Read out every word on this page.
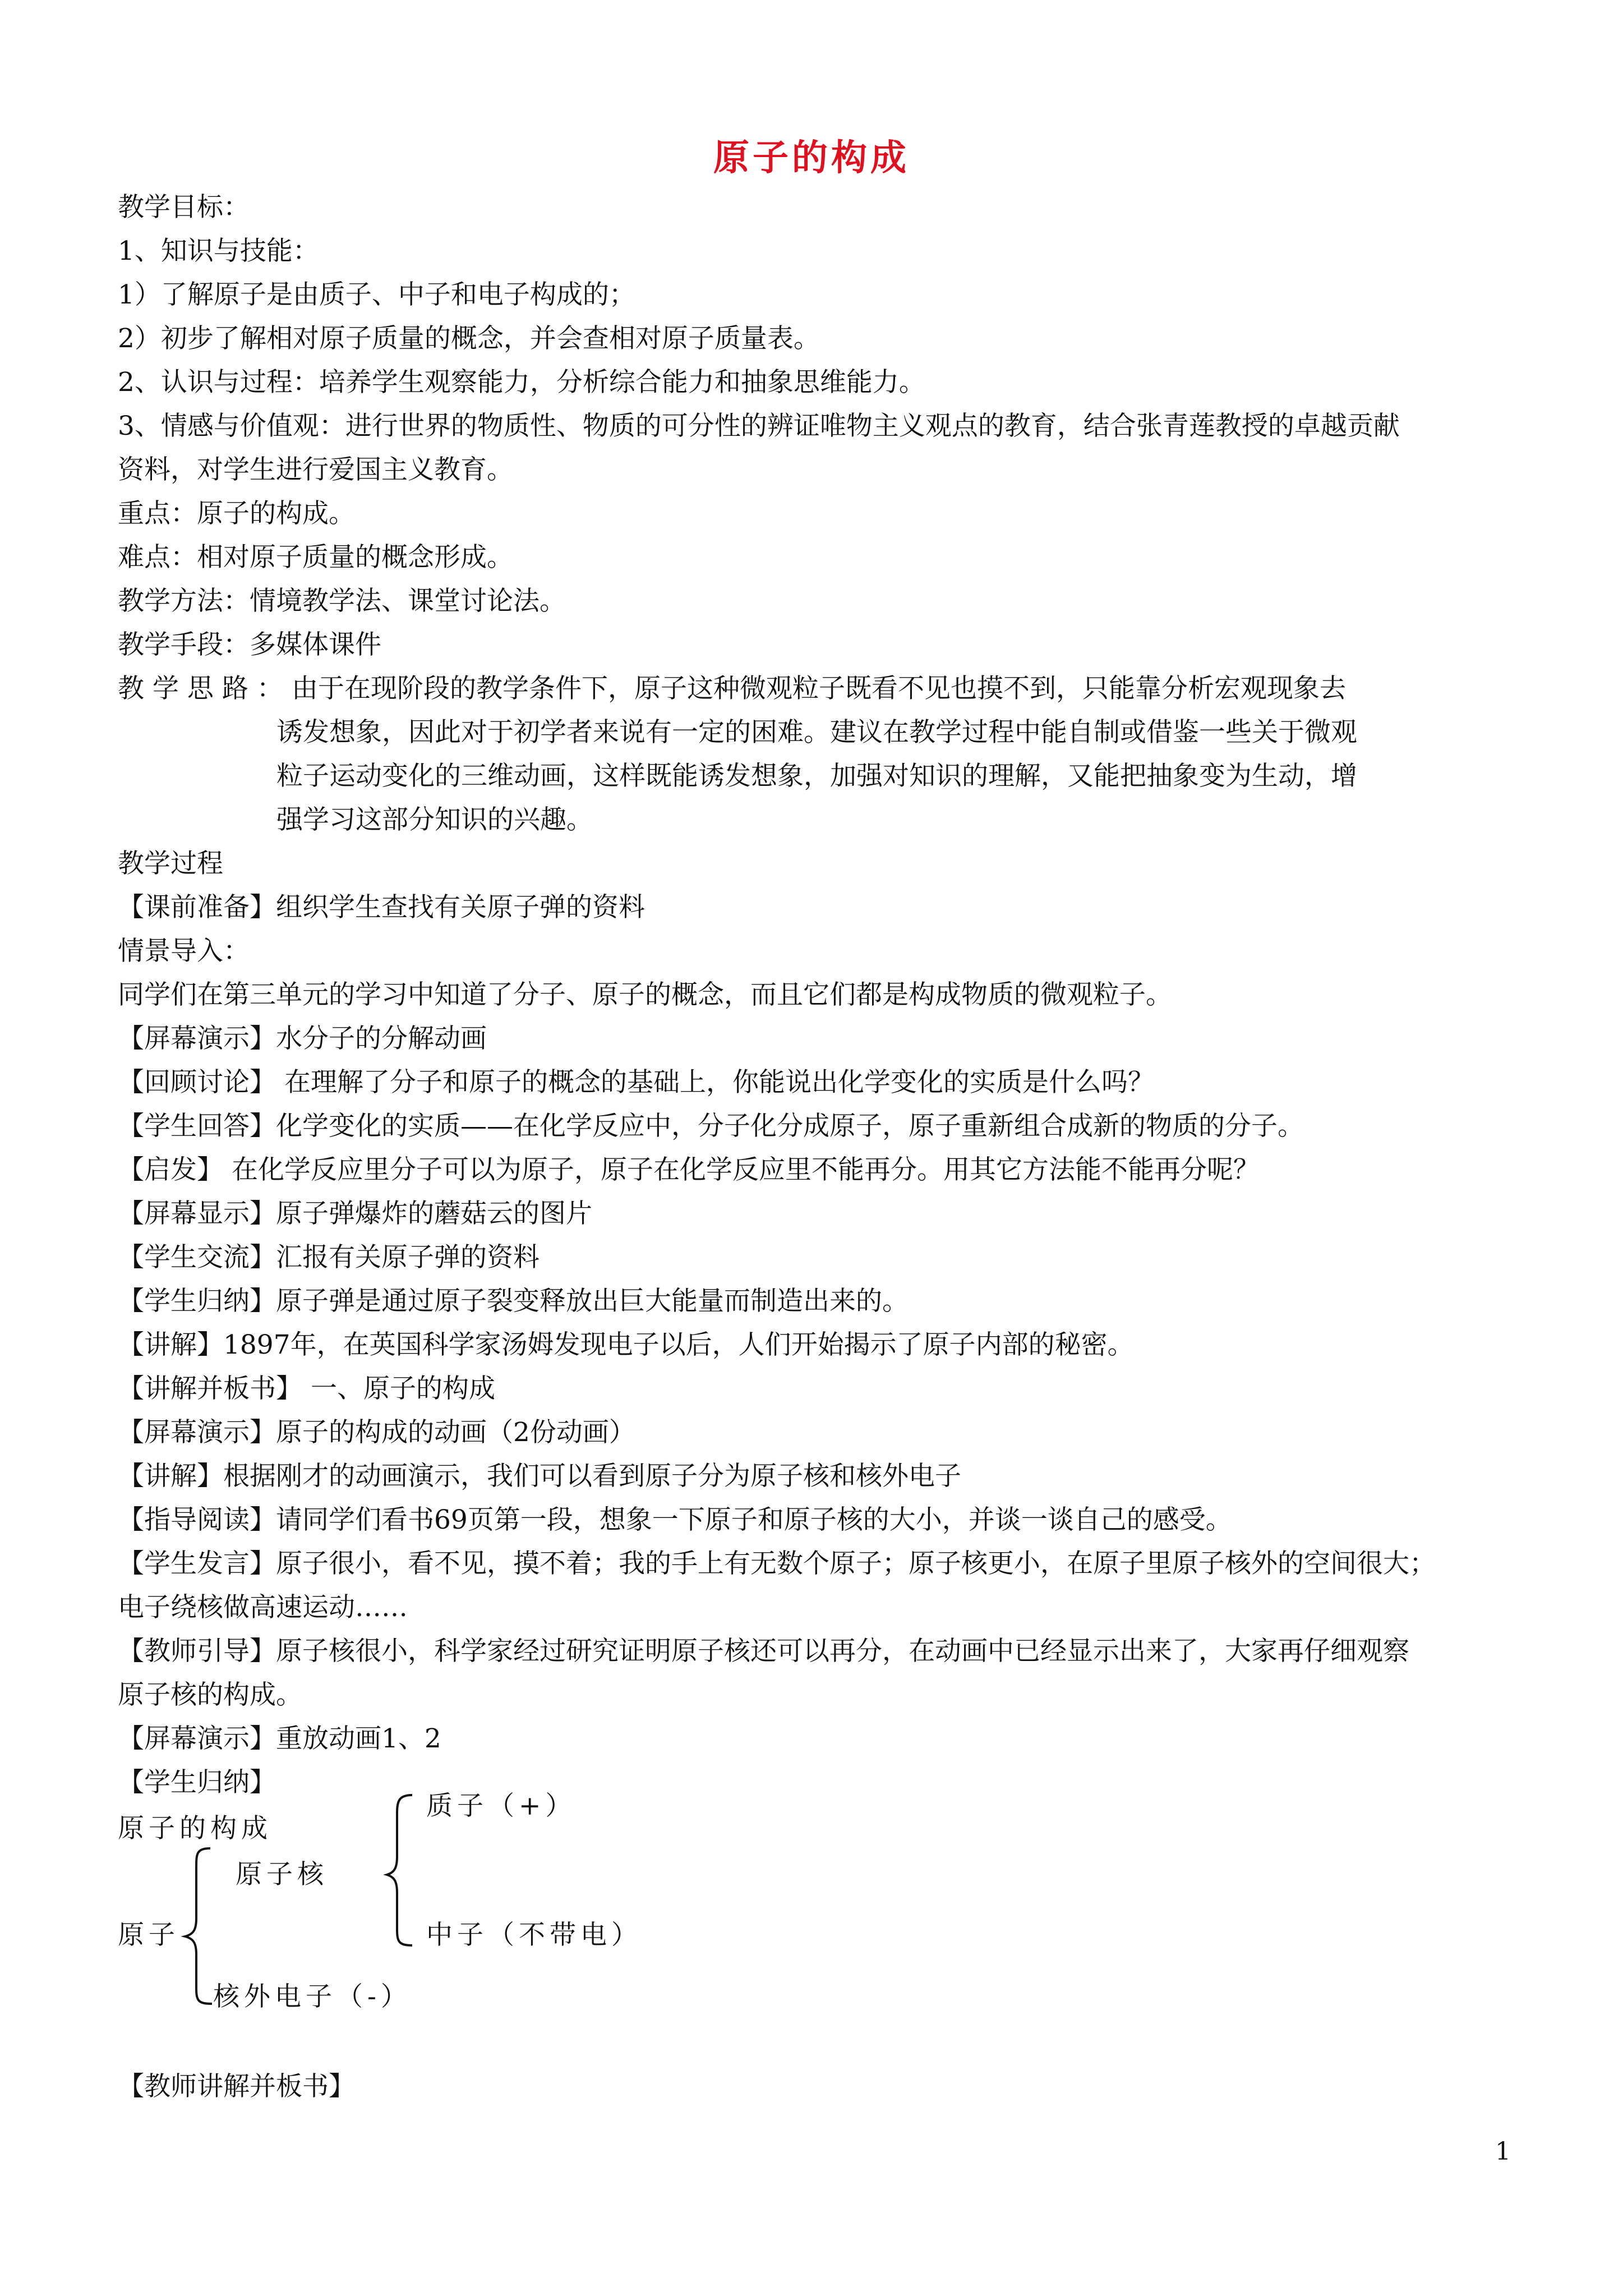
原子的构成
教学目标：
1、知识与技能：
1）了解原子是由质子、中子和电子构成的；
2）初步了解相对原子质量的概念，并会查相对原子质量表。
2、认识与过程：培养学生观察能力，分析综合能力和抽象思维能力。
3、情感与价值观：进行世界的物质性、物质的可分性的辨证唯物主义观点的教育，结合张青莲教授的卓越贡献
资料，对学生进行爱国主义教育。
重点：原子的构成。
难点：相对原子质量的概念形成。
教学方法：情境教学法、课堂讨论法。
教学手段：多媒体课件
教 学 思 路 ： 由于在现阶段的教学条件下，原子这种微观粒子既看不见也摸不到，只能靠分析宏观现象去
诱发想象，因此对于初学者来说有一定的困难。建议在教学过程中能自制或借鉴一些关于微观
粒子运动变化的三维动画，这样既能诱发想象，加强对知识的理解，又能把抽象变为生动，增
强学习这部分知识的兴趣。
教学过程
【课前准备】组织学生查找有关原子弹的资料
情景导入：
同学们在第三单元的学习中知道了分子、原子的概念，而且它们都是构成物质的微观粒子。
【屏幕演示】水分子的分解动画
【回顾讨论】 在理解了分子和原子的概念的基础上，你能说出化学变化的实质是什么吗？
【学生回答】化学变化的实质——在化学反应中，分子化分成原子，原子重新组合成新的物质的分子。
【启发】 在化学反应里分子可以为原子，原子在化学反应里不能再分。用其它方法能不能再分呢？
【屏幕显示】原子弹爆炸的蘑菇云的图片
【学生交流】汇报有关原子弹的资料
【学生归纳】原子弹是通过原子裂变释放出巨大能量而制造出来的。
【讲解】1897年，在英国科学家汤姆发现电子以后，人们开始揭示了原子内部的秘密。
【讲解并板书】 一、原子的构成
【屏幕演示】原子的构成的动画（2份动画）
【讲解】根据刚才的动画演示，我们可以看到原子分为原子核和核外电子
【指导阅读】请同学们看书69页第一段，想象一下原子和原子核的大小，并谈一谈自己的感受。
【学生发言】原子很小，看不见，摸不着；我的手上有无数个原子；原子核更小，在原子里原子核外的空间很大；
电子绕核做高速运动……
【教师引导】原子核很小，科学家经过研究证明原子核还可以再分，在动画中已经显示出来了，大家再仔细观察
原子核的构成。
【屏幕演示】重放动画1、2
【学生归纳】
原子的构成
质子（+）
原子核
原子	中子（不带电）
核外电子（-）
【教师讲解并板书】
1
